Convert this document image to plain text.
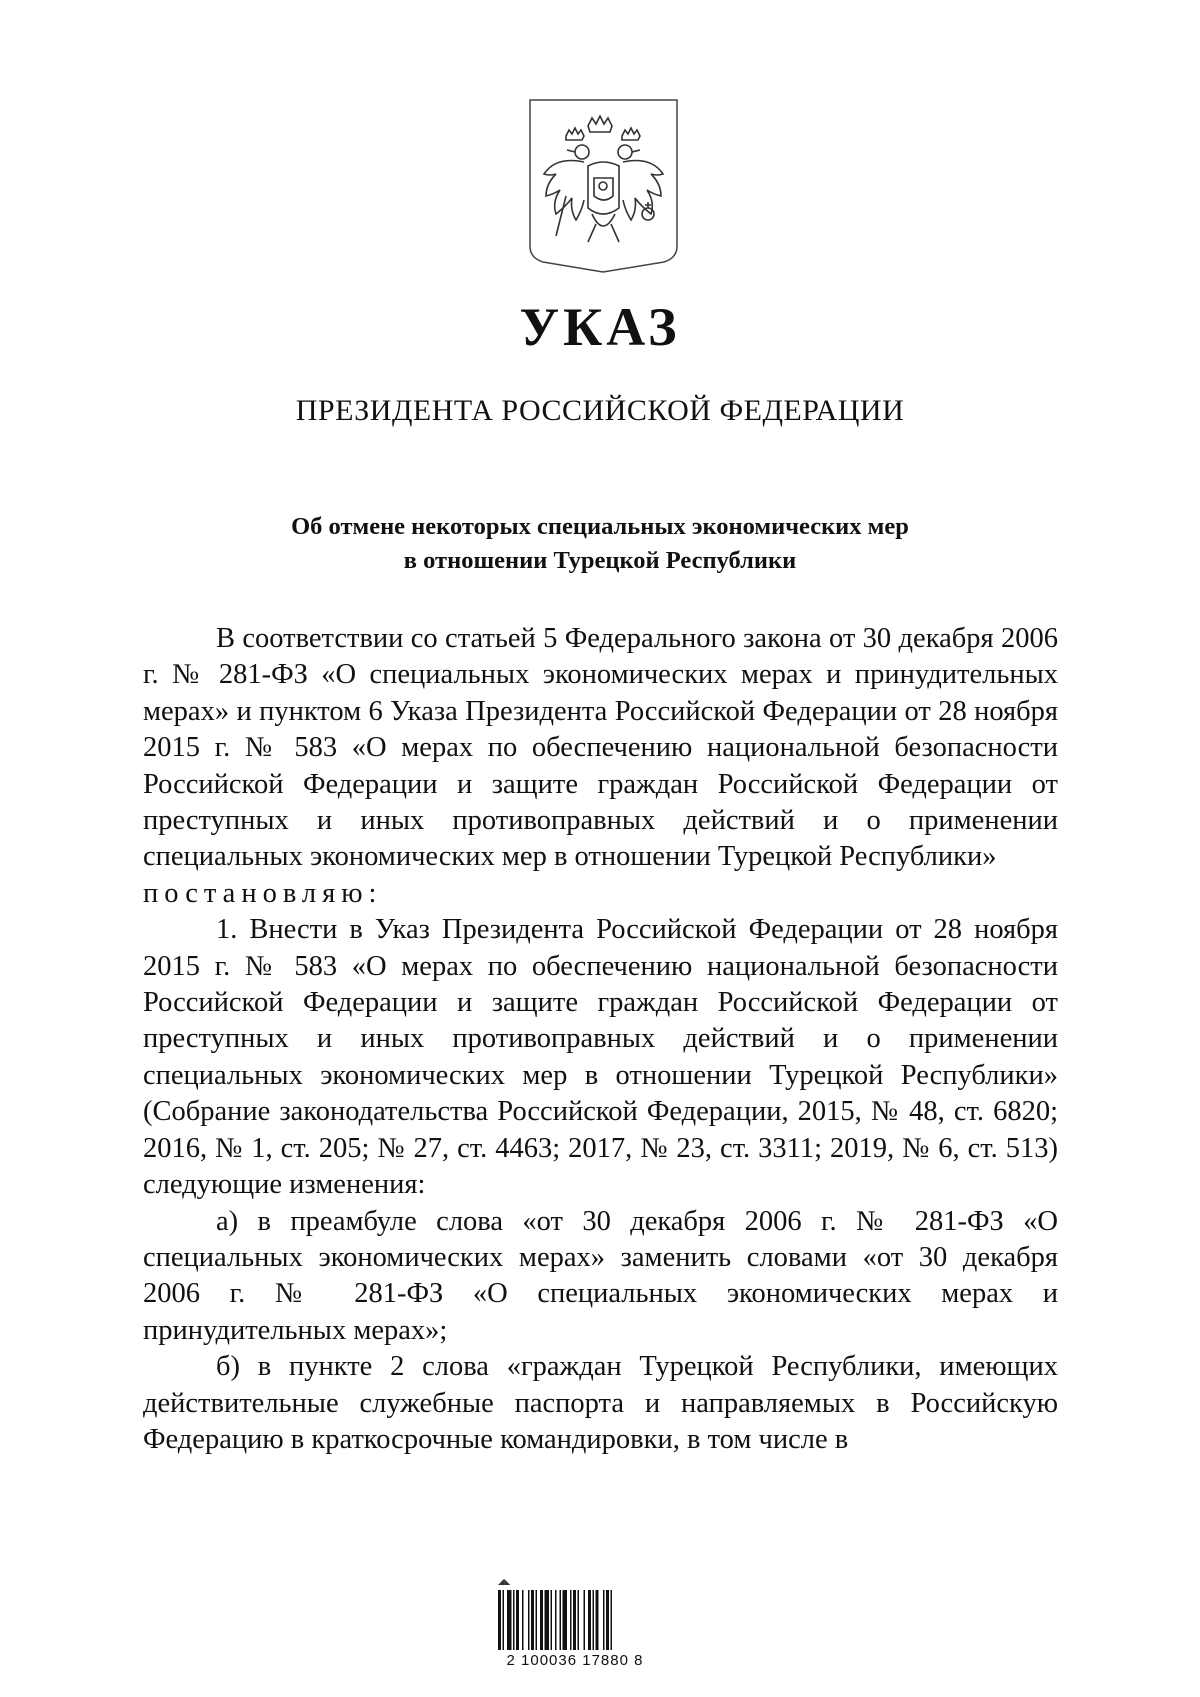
УКАЗ
ПРЕЗИДЕНТА РОССИЙСКОЙ ФЕДЕРАЦИИ
Об отмене некоторых специальных экономических мер
в отношении Турецкой Республики

В соответствии со статьей 5 Федерального закона от 30 декабря 2006 г. № 281-ФЗ «О специальных экономических мерах и принудительных мерах» и пунктом 6 Указа Президента Российской Федерации от 28 ноября 2015 г. № 583 «О мерах по обеспечению национальной безопасности Российской Федерации и защите граждан Российской Федерации от преступных и иных противоправных действий и о применении специальных экономических мер в отношении Турецкой Республики»

постановляю:

1. Внести в Указ Президента Российской Федерации от 28 ноября 2015 г. № 583 «О мерах по обеспечению национальной безопасности Российской Федерации и защите граждан Российской Федерации от преступных и иных противоправных действий и о применении специальных экономических мер в отношении Турецкой Республики» (Собрание законодательства Российской Федерации, 2015, № 48, ст. 6820; 2016, № 1, ст. 205; № 27, ст. 4463; 2017, № 23, ст. 3311; 2019, № 6, ст. 513) следующие изменения:

а) в преамбуле слова «от 30 декабря 2006 г. № 281-ФЗ «О специальных экономических мерах» заменить словами «от 30 декабря 2006 г. № 281-ФЗ «О специальных экономических мерах и принудительных мерах»;

б) в пункте 2 слова «граждан Турецкой Республики, имеющих действительные служебные паспорта и направляемых в Российскую Федерацию в краткосрочные командировки, в том числе в

◢◣
2 100036 17880 8
